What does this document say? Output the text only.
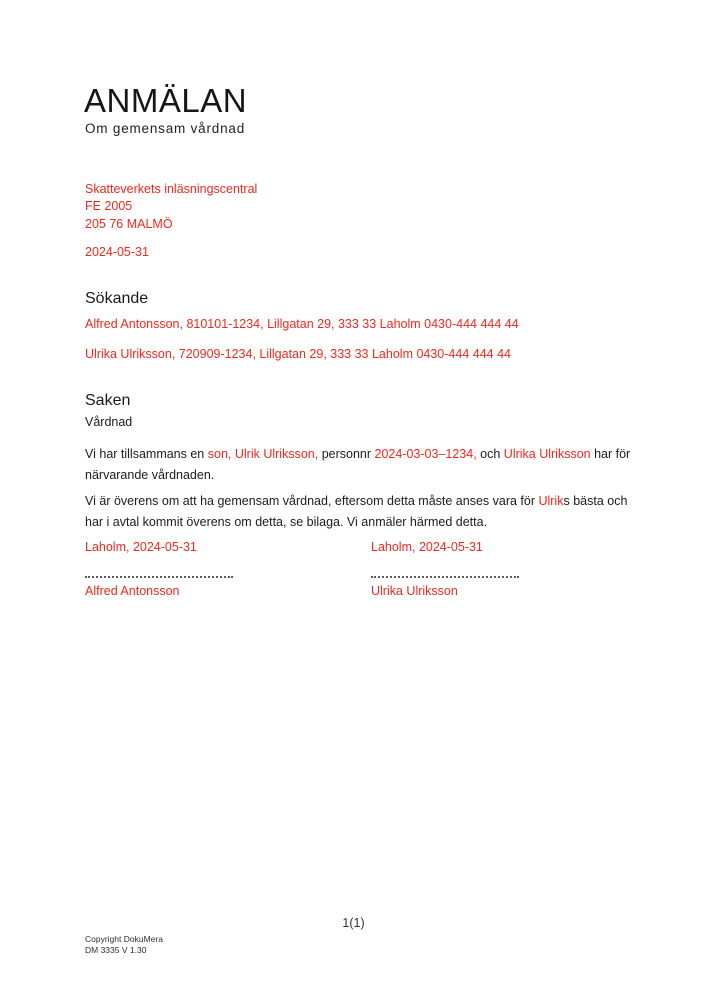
ANMÄLAN
Om gemensam vårdnad
Skatteverkets inläsningscentral
FE 2005
205 76 MALMÖ
2024-05-31
Sökande
Alfred Antonsson, 810101-1234, Lillgatan 29, 333 33 Laholm 0430-444 444 44
Ulrika Ulriksson, 720909-1234, Lillgatan 29, 333 33 Laholm 0430-444 444 44
Saken
Vårdnad
Vi har tillsammans en son, Ulrik Ulriksson, personnr 2024-03-03–1234, och Ulrika Ulriksson har för närvarande vårdnaden.
Vi är överens om att ha gemensam vårdnad, eftersom detta måste anses vara för Ulriks bästa och har i avtal kommit överens om detta, se bilaga. Vi anmäler härmed detta.
Laholm, 2024-05-31
Alfred Antonsson
Laholm, 2024-05-31
Ulrika Ulriksson
1(1)
Copyright DokuMera
DM 3335 V 1.30
